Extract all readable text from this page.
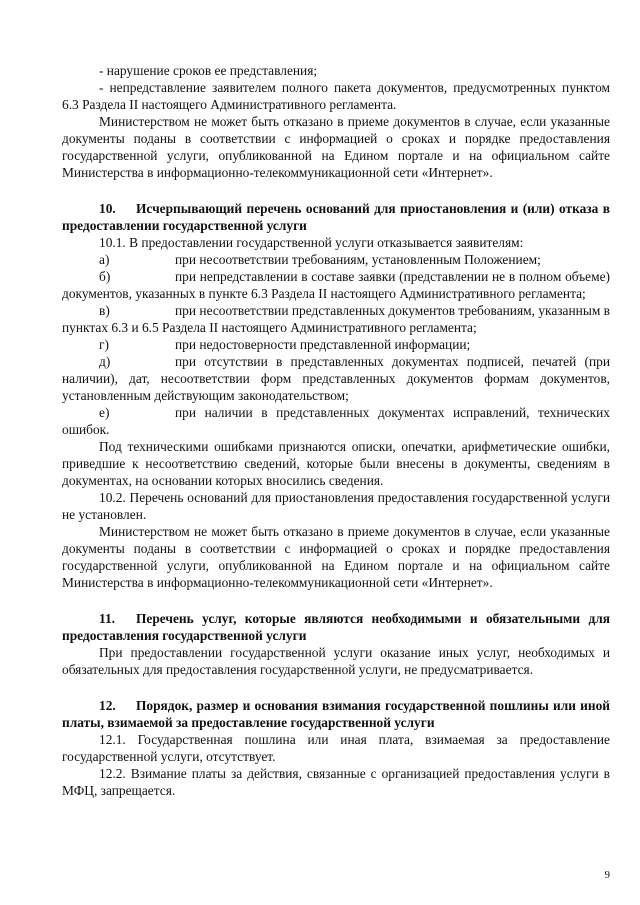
- нарушение сроков ее представления;

- непредставление заявителем полного пакета документов, предусмотренных пунктом 6.3 Раздела II настоящего Административного регламента.

Министерством не может быть отказано в приеме документов в случае, если указанные документы поданы в соответствии с информацией о сроках и порядке предоставления государственной услуги, опубликованной на Едином портале и на официальном сайте Министерства в информационно-телекоммуникационной сети «Интернет».

10. Исчерпывающий перечень оснований для приостановления и (или) отказа в предоставлении государственной услуги

10.1. В предоставлении государственной услуги отказывается заявителям:

а)	при несоответствии требованиям, установленным Положением;

б)	при непредставлении в составе заявки (представлении не в полном объеме) документов, указанных в пункте 6.3 Раздела II настоящего Административного регламента;

в)	при несоответствии представленных документов требованиям, указанным в пунктах 6.3 и 6.5 Раздела II настоящего Административного регламента;

г)	при недостоверности представленной информации;

д)	при отсутствии в представленных документах подписей, печатей (при наличии), дат, несоответствии форм представленных документов формам документов, установленным действующим законодательством;

е)	при наличии в представленных документах исправлений, технических ошибок.

Под техническими ошибками признаются описки, опечатки, арифметические ошибки, приведшие к несоответствию сведений, которые были внесены в документы, сведениям в документах, на основании которых вносились сведения.

10.2. Перечень оснований для приостановления предоставления государственной услуги не установлен.

Министерством не может быть отказано в приеме документов в случае, если указанные документы поданы в соответствии с информацией о сроках и порядке предоставления государственной услуги, опубликованной на Едином портале и на официальном сайте Министерства в информационно-телекоммуникационной сети «Интернет».

11. Перечень услуг, которые являются необходимыми и обязательными для предоставления государственной услуги

При предоставлении государственной услуги оказание иных услуг, необходимых и обязательных для предоставления государственной услуги, не предусматривается.

12. Порядок, размер и основания взимания государственной пошлины или иной платы, взимаемой за предоставление государственной услуги

12.1. Государственная пошлина или иная плата, взимаемая за предоставление государственной услуги, отсутствует.

12.2. Взимание платы за действия, связанные с организацией предоставления услуги в МФЦ, запрещается.

9
